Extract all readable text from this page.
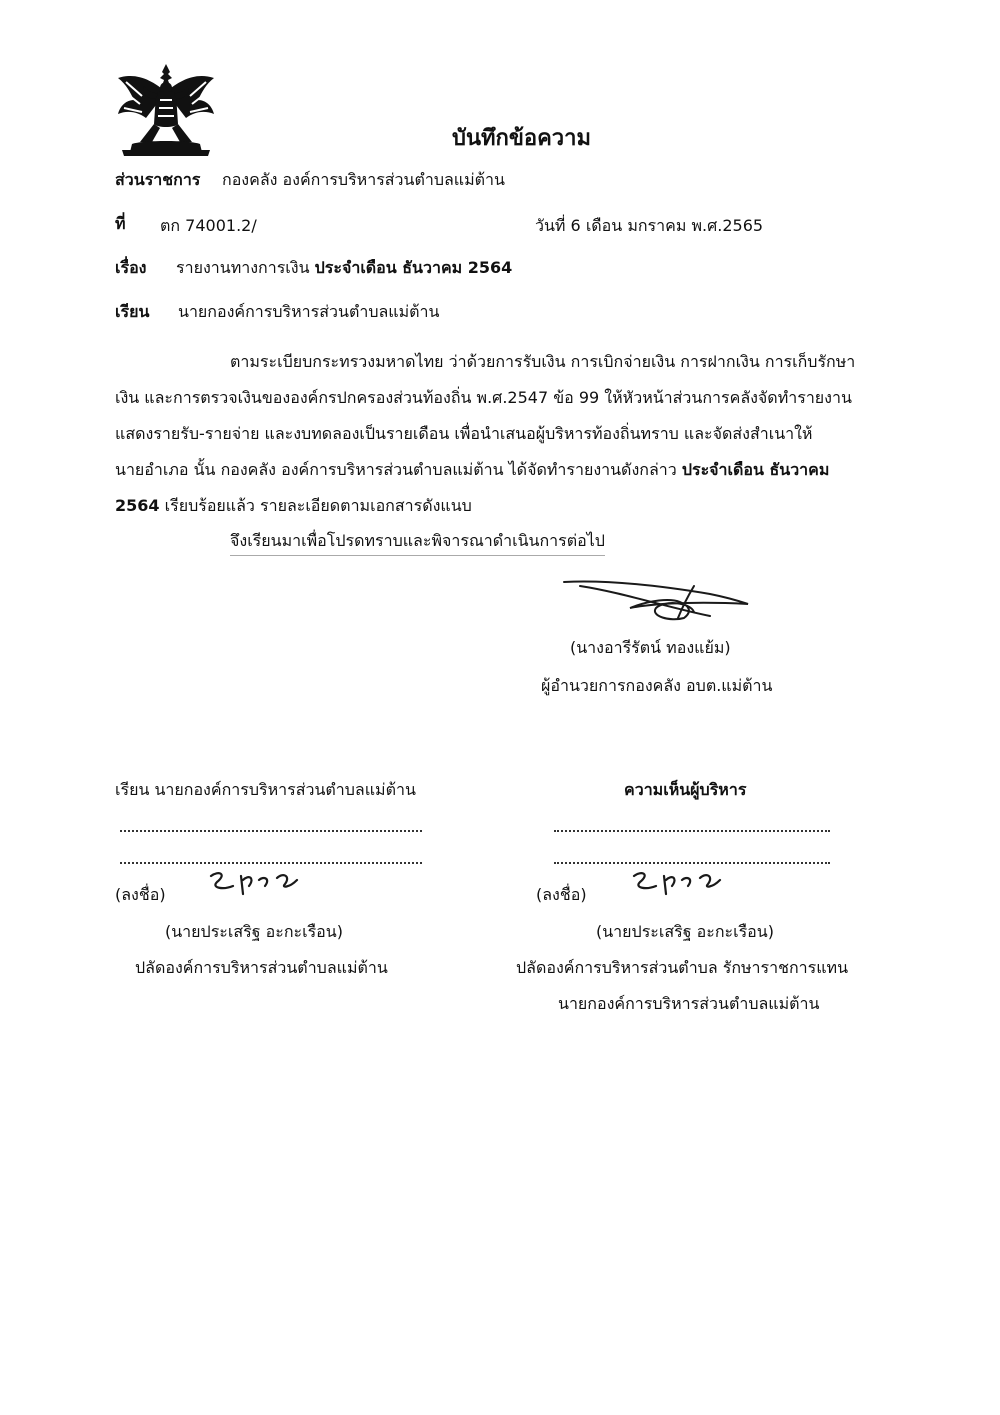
บันทึกข้อความ
ส่วนราชการ กองคลัง องค์การบริหารส่วนตำบลแม่ต้าน
ที่ ตก 74001.2/	วันที่ 6 เดือน มกราคม พ.ศ.2565
เรื่อง รายงานทางการเงิน ประจำเดือน ธันวาคม 2564
เรียน นายกองค์การบริหารส่วนตำบลแม่ต้าน
ตามระเบียบกระทรวงมหาดไทย ว่าด้วยการรับเงิน การเบิกจ่ายเงิน การฝากเงิน การเก็บรักษา
เงิน และการตรวจเงินขององค์กรปกครองส่วนท้องถิ่น พ.ศ.2547 ข้อ 99 ให้หัวหน้าส่วนการคลังจัดทำรายงาน
แสดงรายรับ-รายจ่าย และงบทดลองเป็นรายเดือน เพื่อนำเสนอผู้บริหารท้องถิ่นทราบ และจัดส่งสำเนาให้
นายอำเภอ นั้น กองคลัง องค์การบริหารส่วนตำบลแม่ต้าน ได้จัดทำรายงานดังกล่าว ประจำเดือน ธันวาคม
2564 เรียบร้อยแล้ว รายละเอียดตามเอกสารดังแนบ
จึงเรียนมาเพื่อโปรดทราบและพิจารณาดำเนินการต่อไป
(นางอารีรัตน์ ทองแย้ม)
ผู้อำนวยการกองคลัง อบต.แม่ต้าน
เรียน นายกองค์การบริหารส่วนตำบลแม่ต้าน
(ลงชื่อ)
(นายประเสริฐ อะกะเรือน)
ปลัดองค์การบริหารส่วนตำบลแม่ต้าน
ความเห็นผู้บริหาร
(ลงชื่อ)
(นายประเสริฐ อะกะเรือน)
ปลัดองค์การบริหารส่วนตำบล รักษาราชการแทน
นายกองค์การบริหารส่วนตำบลแม่ต้าน
